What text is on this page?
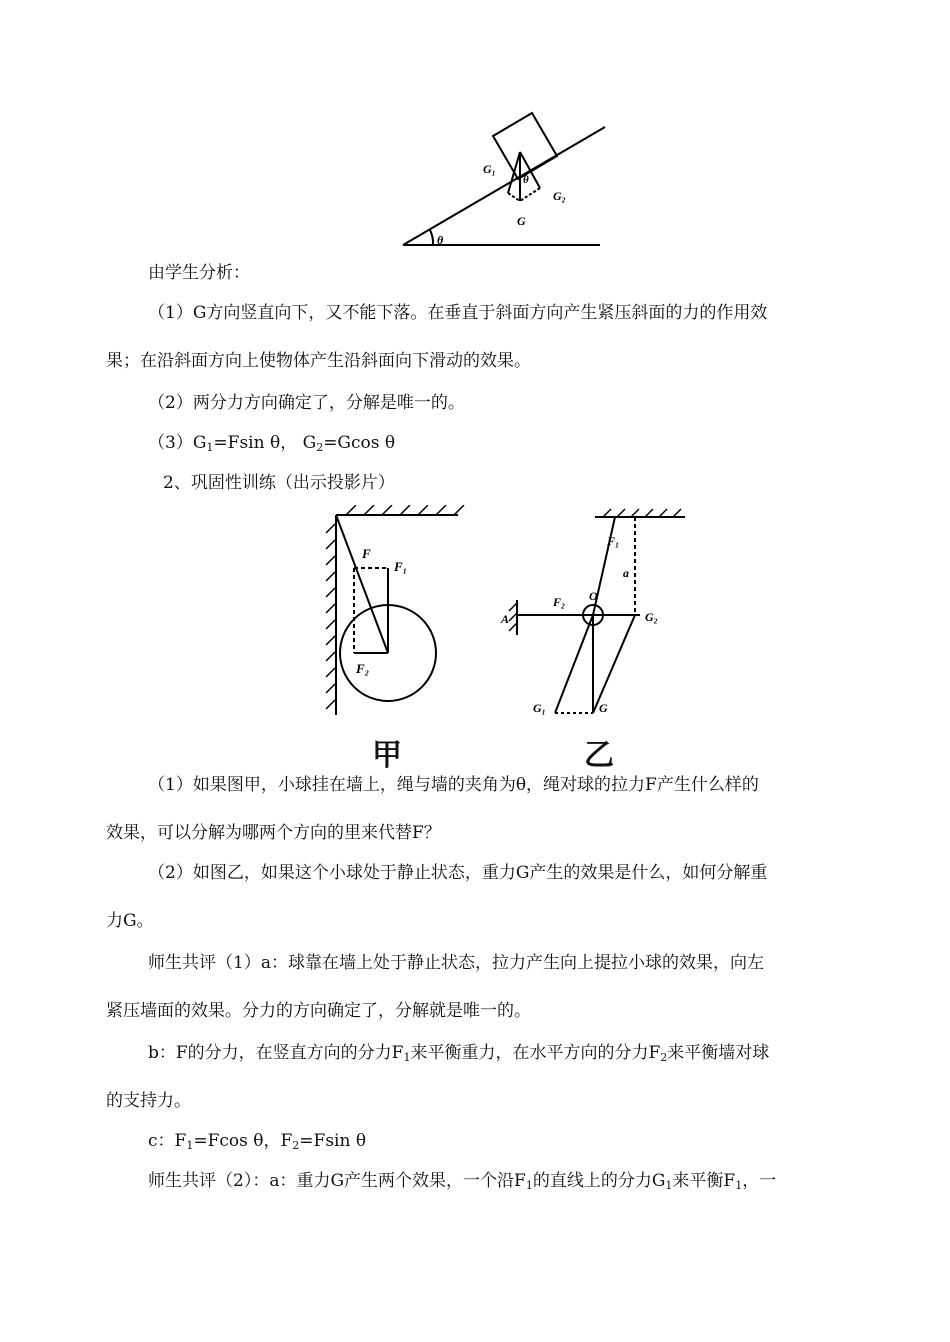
G₁
G₂
G
θ
θ
由学生分析：
（1）G方向竖直向下，又不能下落。在垂直于斜面方向产生紧压斜面的力的作用效
果；在沿斜面方向上使物体产生沿斜面向下滑动的效果。
（2）两分力方向确定了，分解是唯一的。
$(3)G_1=Fsin$ θ， $G_2=Gcos$ θ
2、巩固性训练（出示投影片）
F
F₁
F₂
A
O
a
F₁
F₂
G₂
G₁	G
甲	乙
（1）如果图甲，小球挂在墙上，绳与墙的夹角为θ，绳对球的拉力F产生什么样的
效果，可以分解为哪两个方向的里来代替F？
（2）如图乙，如果这个小球处于静止状态，重力G产生的效果是什么，如何分解重
力G。
师生共评（1）a：球靠在墙上处于静止状态，拉力产生向上提拉小球的效果，向左
紧压墙面的效果。分力的方向确定了，分解就是唯一的。
b：F的分力，在竖直方向的分力$F_1$来平衡重力，在水平方向的分力$F_2$来平衡墙对球
的支持力。
c：$F_1=Fcos$ θ，$F_2=Fsin$ θ
师生共评（2）：a：重力G产生两个效果，一个沿$F_1$的直线上的分力$G_1$来平衡$F_1$，一
